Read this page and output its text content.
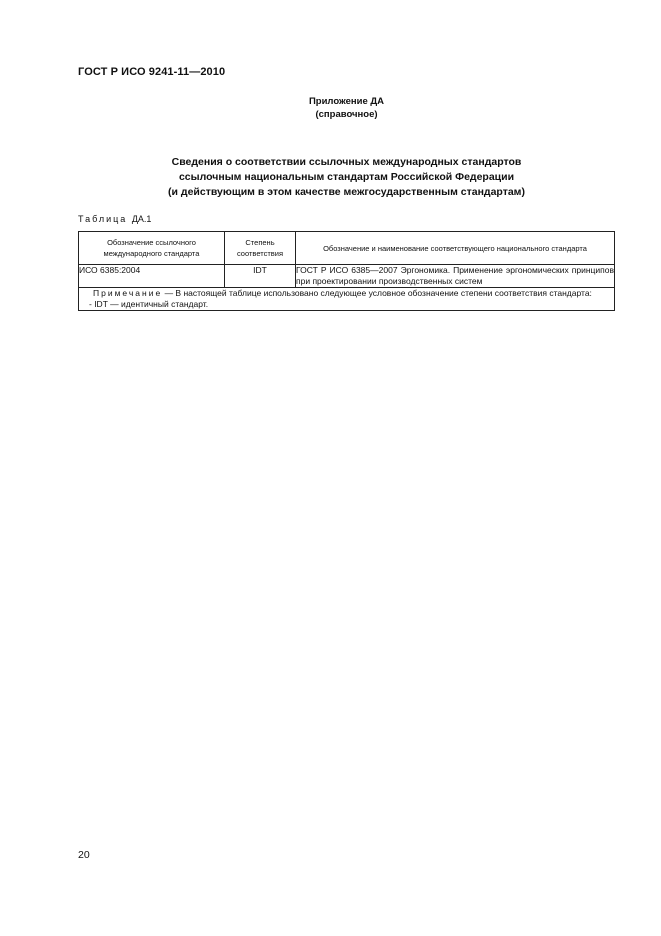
ГОСТ Р ИСО 9241-11—2010
Приложение ДА
(справочное)
Сведения о соответствии ссылочных международных стандартов
ссылочным национальным стандартам Российской Федерации
(и действующим в этом качестве межгосударственным стандартам)
Таблица ДА.1
Обозначение ссылочного международного стандарта	Степень соответствия	Обозначение и наименование соответствующего национального стандарта
ИСО 6385:2004	IDT	ГОСТ Р ИСО 6385—2007 Эргономика. Применение эргономических принципов при проектировании производственных систем

Примечание — В настоящей таблице использовано следующее условное обозначение степени соответствия стандарта:
- IDT — идентичный стандарт.		
20
